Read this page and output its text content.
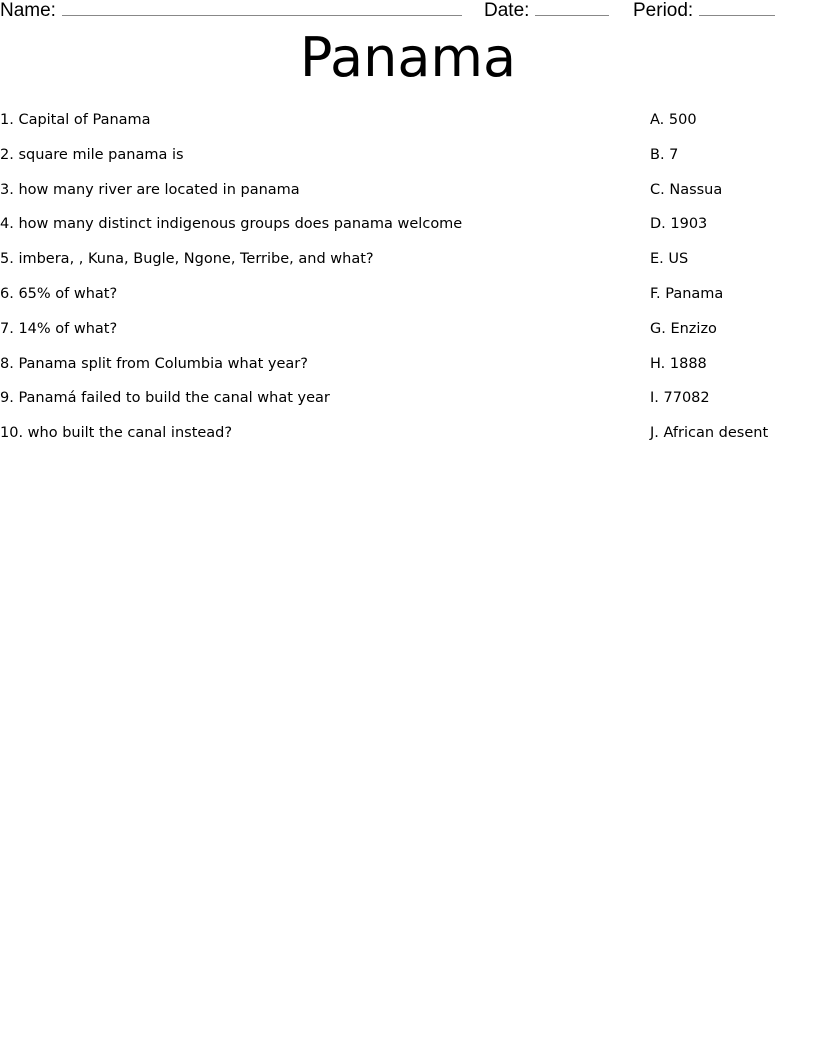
Name:	Date:	Period:
Panama
1. Capital of Panama	A. 500
2. square mile panama is	B. 7
3. how many river are located in panama	C. Nassua
4. how many distinct indigenous groups does panama welcome	D. 1903
5. imbera, , Kuna, Bugle, Ngone, Terribe, and what?	E. US
6. 65% of what?	F. Panama
7. 14% of what?	G. Enzizo
8. Panama split from Columbia what year?	H. 1888
9. Panamá failed to build the canal what year	I. 77082
10. who built the canal instead?	J. African desent
